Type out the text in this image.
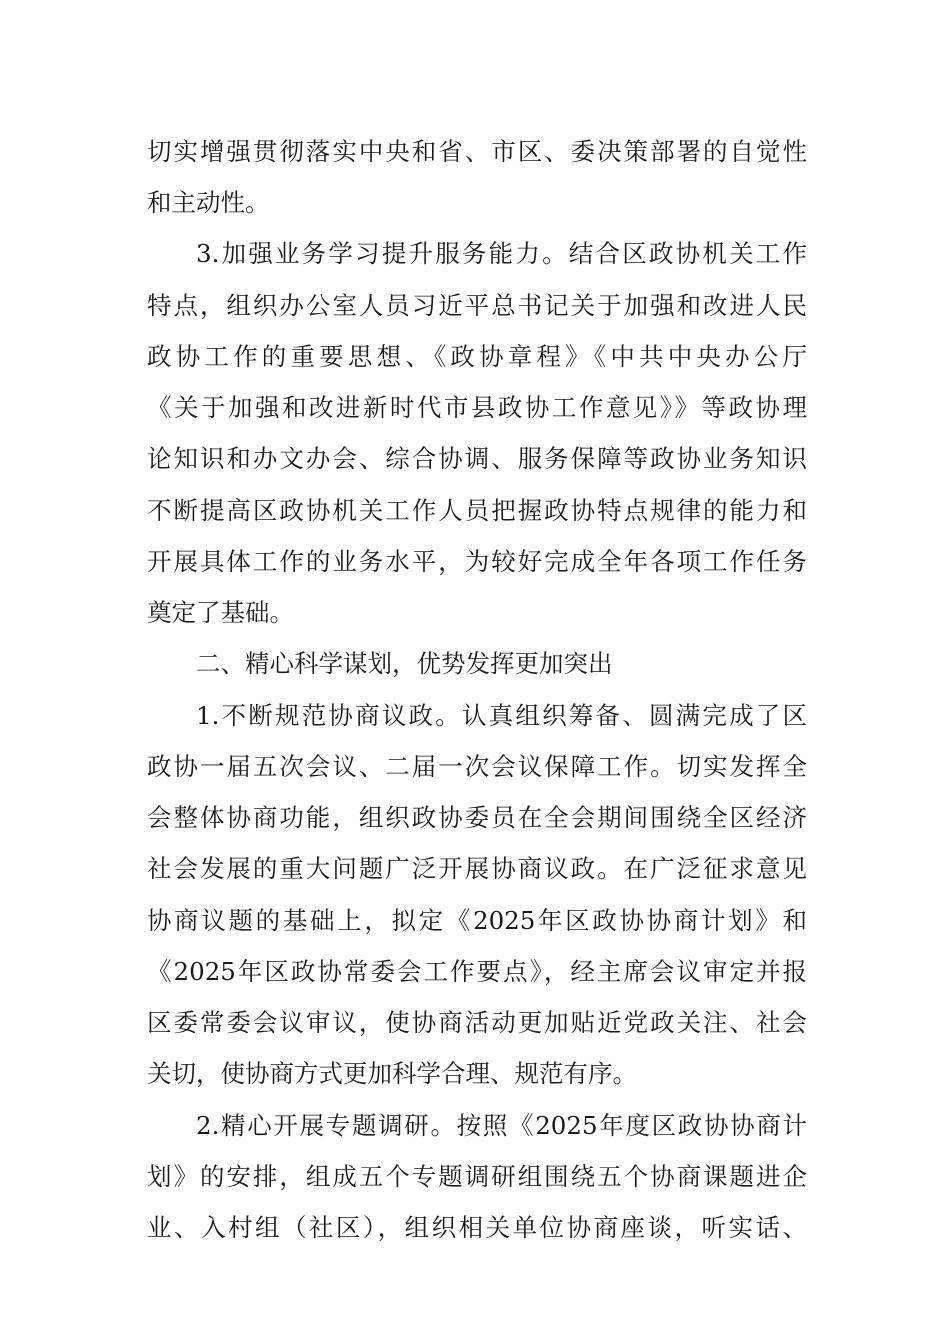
切实增强贯彻落实中央和省、市区、委决策部署的自觉性
和主动性。
3.加强业务学习提升服务能力。结合区政协机关工作
特点，组织办公室人员习近平总书记关于加强和改进人民
政协工作的重要思想、《政协章程》《中共中央办公厅
《关于加强和改进新时代市县政协工作意见》》等政协理
论知识和办文办会、综合协调、服务保障等政协业务知识
不断提高区政协机关工作人员把握政协特点规律的能力和
开展具体工作的业务水平，为较好完成全年各项工作任务
奠定了基础。
二、精心科学谋划，优势发挥更加突出
1.不断规范协商议政。认真组织筹备、圆满完成了区
政协一届五次会议、二届一次会议保障工作。切实发挥全
会整体协商功能，组织政协委员在全会期间围绕全区经济
社会发展的重大问题广泛开展协商议政。在广泛征求意见
协商议题的基础上，拟定《2025年区政协协商计划》和
《2025年区政协常委会工作要点》，经主席会议审定并报
区委常委会议审议，使协商活动更加贴近党政关注、社会
关切，使协商方式更加科学合理、规范有序。
2.精心开展专题调研。按照《2025年度区政协协商计
划》的安排，组成五个专题调研组围绕五个协商课题进企
业、入村组（社区），组织相关单位协商座谈，听实话、
